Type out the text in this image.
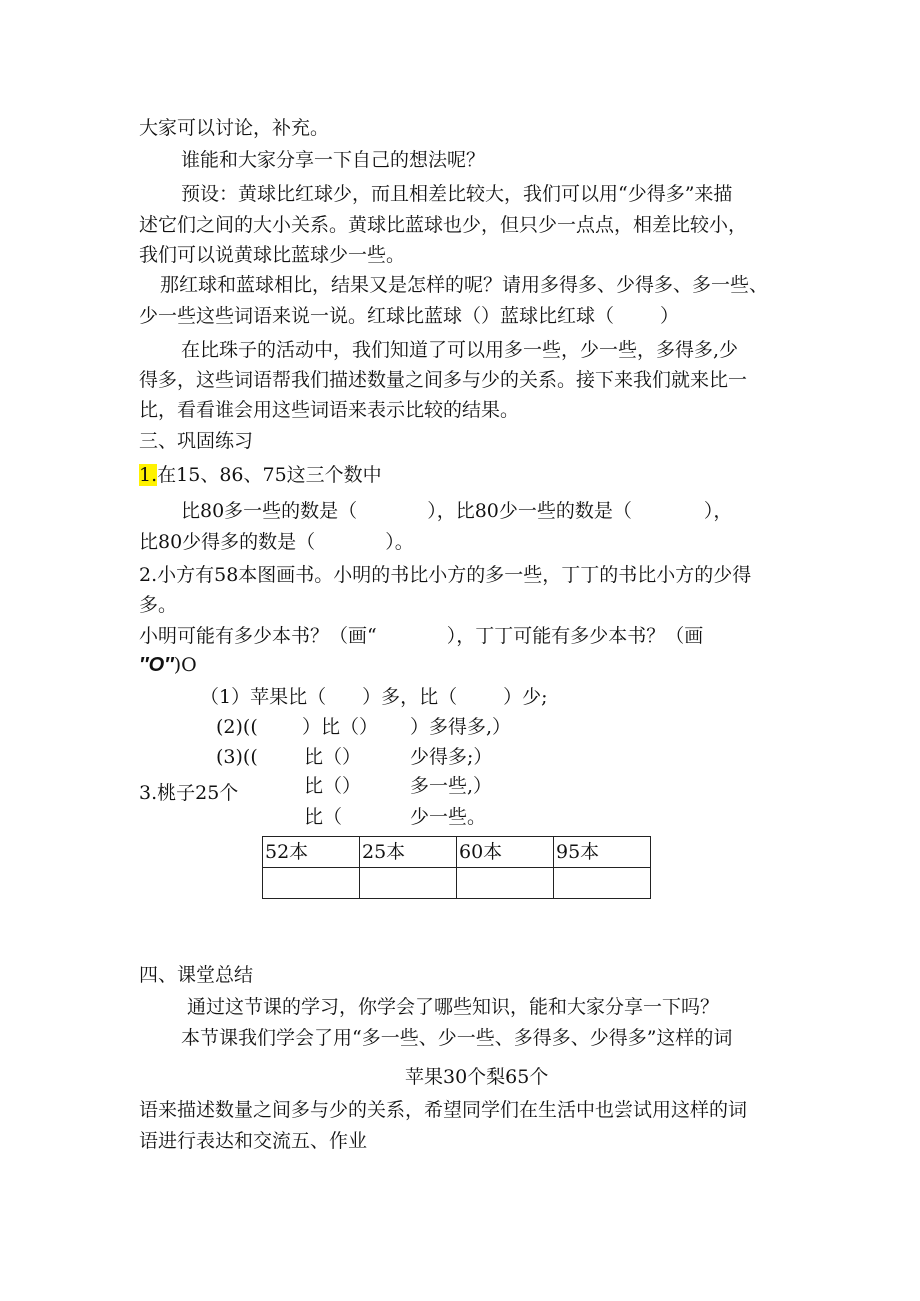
大家可以讨论，补充。
谁能和大家分享一下自己的想法呢？
预设：黄球比红球少，而且相差比较大，我们可以用“少得多”来描
述它们之间的大小关系。黄球比蓝球也少，但只少一点点，相差比较小，
我们可以说黄球比蓝球少一些。
那红球和蓝球相比，结果又是怎样的呢？请用多得多、少得多、多一些、
少一些这些词语来说一说。红球比蓝球（）蓝球比红球（ ）
在比珠子的活动中，我们知道了可以用多一些，少一些，多得多,少
得多，这些词语帮我们描述数量之间多与少的关系。接下来我们就来比一
比，看看谁会用这些词语来表示比较的结果。
三、巩固练习
1.在15、86、75这三个数中
比80多一些的数是（	），比80少一些的数是（	），
比80少得多的数是（	）。
2.小方有58本图画书。小明的书比小方的多一些，丁丁的书比小方的少得
多。
小明可能有多少本书？（画“	），丁丁可能有多少本书？（画
″O″)O
（1）苹果比（ ）多，比（ ）少;
(2)(( ）比（） ）多得多,）
(3)(( 比（）	少得多;）
3.桃子25个	比（）	多一些,）
比（	少一些。
52本	25本	60本	95本

四、课堂总结
通过这节课的学习，你学会了哪些知识，能和大家分享一下吗？
本节课我们学会了用“多一些、少一些、多得多、少得多”这样的词
苹果30个梨65个
语来描述数量之间多与少的关系，希望同学们在生活中也尝试用这样的词
语进行表达和交流五、作业
